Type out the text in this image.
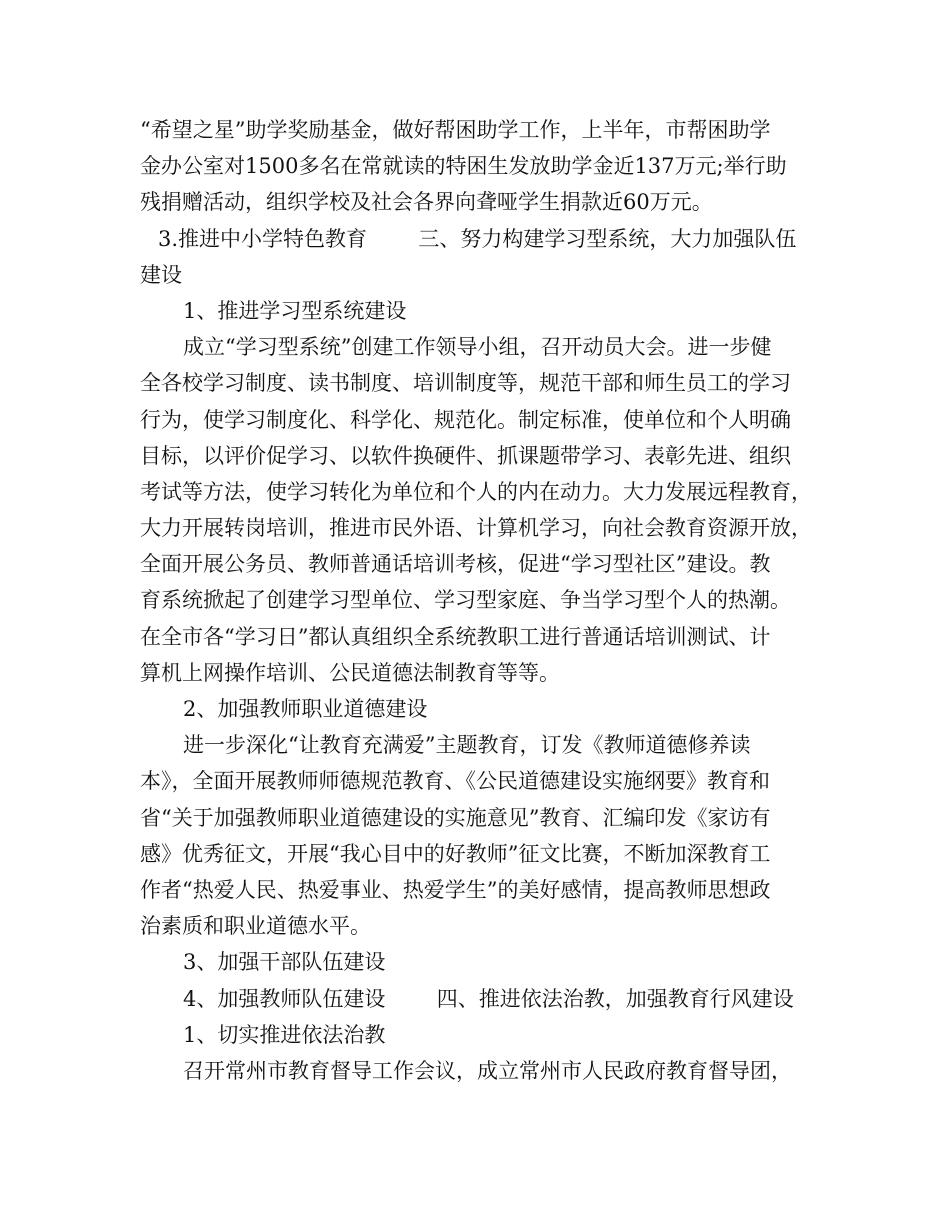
“希望之星”助学奖励基金，做好帮困助学工作，上半年，市帮困助学
金办公室对1500多名在常就读的特困生发放助学金近137万元;举行助
残捐赠活动，组织学校及社会各界向聋哑学生捐款近60万元。
3.推进中小学特色教育 三、努力构建学习型系统，大力加强队伍
建设
1、推进学习型系统建设
成立“学习型系统”创建工作领导小组，召开动员大会。进一步健
全各校学习制度、读书制度、培训制度等，规范干部和师生员工的学习
行为，使学习制度化、科学化、规范化。制定标准，使单位和个人明确
目标，以评价促学习、以软件换硬件、抓课题带学习、表彰先进、组织
考试等方法，使学习转化为单位和个人的内在动力。大力发展远程教育，
大力开展转岗培训，推进市民外语、计算机学习，向社会教育资源开放，
全面开展公务员、教师普通话培训考核，促进“学习型社区”建设。教
育系统掀起了创建学习型单位、学习型家庭、争当学习型个人的热潮。
在全市各“学习日”都认真组织全系统教职工进行普通话培训测试、计
算机上网操作培训、公民道德法制教育等等。
2、加强教师职业道德建设
进一步深化“让教育充满爱”主题教育，订发《教师道德修养读
本》，全面开展教师师德规范教育、《公民道德建设实施纲要》教育和
省“关于加强教师职业道德建设的实施意见”教育、汇编印发《家访有
感》优秀征文，开展“我心目中的好教师”征文比赛，不断加深教育工
作者“热爱人民、热爱事业、热爱学生”的美好感情，提高教师思想政
治素质和职业道德水平。
3、加强干部队伍建设
4、加强教师队伍建设 四、推进依法治教，加强教育行风建设
1、切实推进依法治教
召开常州市教育督导工作会议，成立常州市人民政府教育督导团，
